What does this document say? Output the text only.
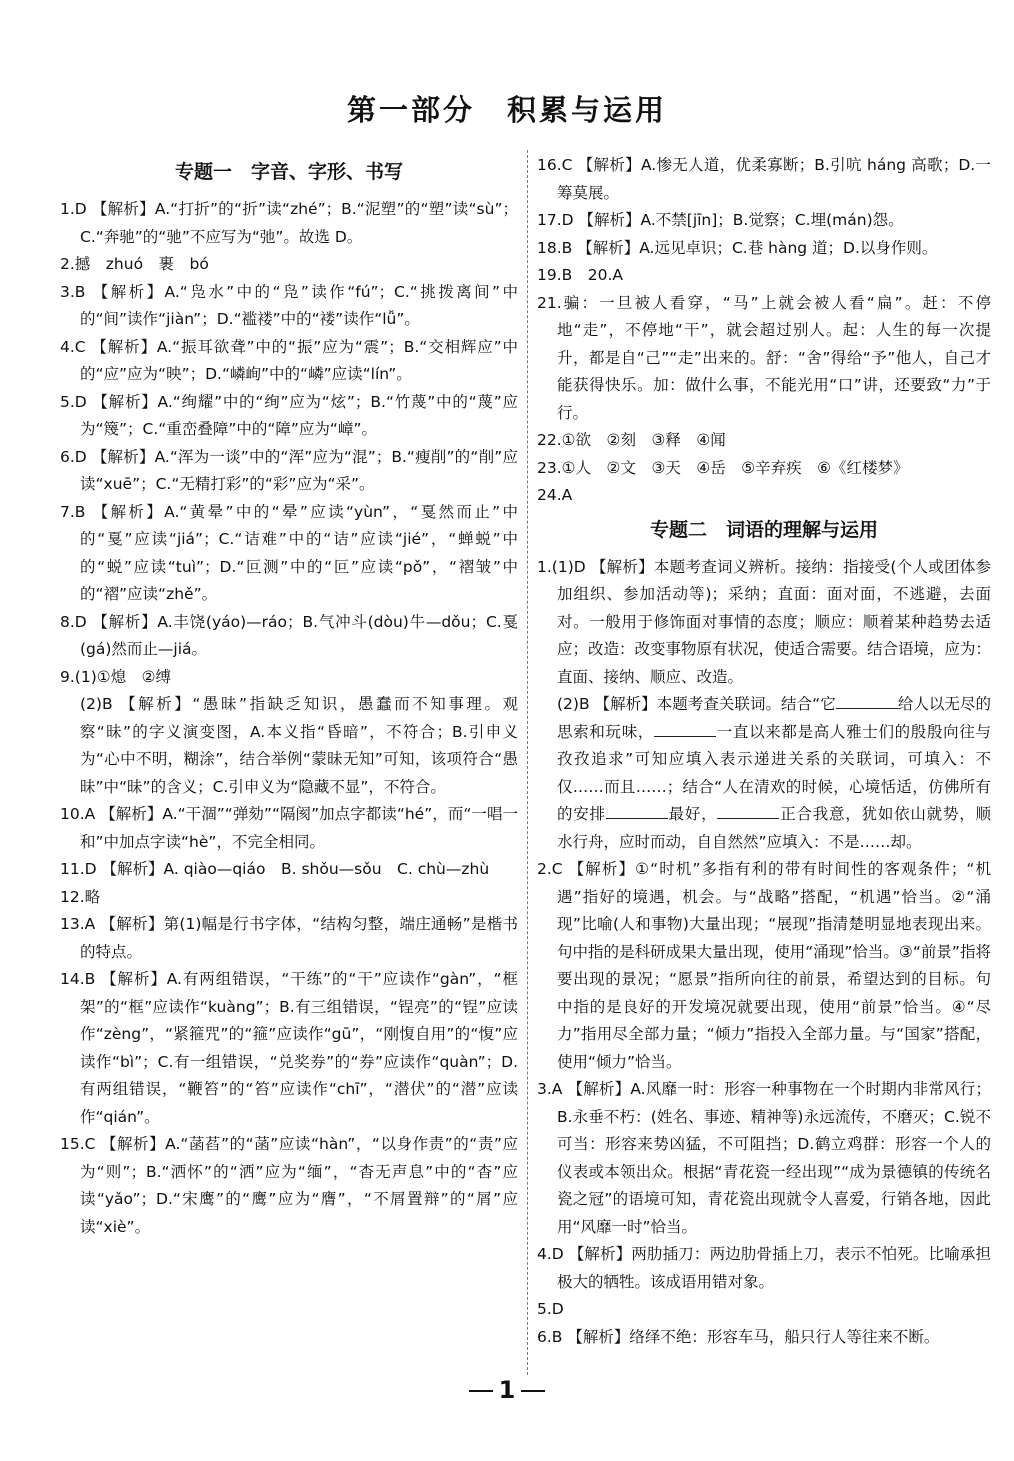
第一部分　积累与运用
专题一　字音、字形、书写

1.D 【解析】A.“打折”的“折”读“zhé”；B.“泥塑”的“塑”读“sù”；C.“奔驰”的“驰”不应写为“弛”。故选 D。

2.撼　zhuó　裹　bó

3.B 【解析】A.“凫水”中的“凫”读作“fú”；C.“挑拨离间”中的“间”读作“jiàn”；D.“褴褛”中的“褛”读作“lǚ”。

4.C 【解析】A.“振耳欲聋”中的“振”应为“震”；B.“交相辉应”中的“应”应为“映”；D.“嶙峋”中的“嶙”应读“lín”。

5.D 【解析】A.“绚耀”中的“绚”应为“炫”；B.“竹蔑”中的“蔑”应为“篾”；C.“重峦叠障”中的“障”应为“嶂”。

6.D 【解析】A.“浑为一谈”中的“浑”应为“混”；B.“瘦削”的“削”应读“xuē”；C.“无精打彩”的“彩”应为“采”。

7.B 【解析】A.“黄晕”中的“晕”应读“yùn”，“戛然而止”中的“戛”应读“jiá”；C.“诘难”中的“诘”应读“jié”，“蝉蜕”中的“蜕”应读“tuì”；D.“叵测”中的“叵”应读“pǒ”，“褶皱”中的“褶”应读“zhě”。

8.D 【解析】A.丰饶(yáo)—ráo；B.气冲斗(dòu)牛—dǒu；C.戛(gá)然而止—jiá。

9.(1)①熄　②缚

(2)B 【解析】“愚昧”指缺乏知识，愚蠢而不知事理。观察“昧”的字义演变图，A.本义指“昏暗”，不符合；B.引申义为“心中不明，糊涂”，结合举例“蒙昧无知”可知，该项符合“愚昧”中“昧”的含义；C.引申义为“隐藏不显”，不符合。

10.A 【解析】A.“干涸”“弹劾”“隔阂”加点字都读“hé”，而“一唱一和”中加点字读“hè”，不完全相同。

11.D 【解析】A. qiào—qiáo　B. shǒu—sǒu　C. chù—zhù

12.略

13.A 【解析】第(1)幅是行书字体，“结构匀整，端庄通畅”是楷书的特点。

14.B 【解析】A.有两组错误，“干练”的“干”应读作“gàn”，“框架”的“框”应读作“kuàng”；B.有三组错误，“锃亮”的“锃”应读作“zèng”，“紧箍咒”的“箍”应读作“gū”，“刚愎自用”的“愎”应读作“bì”；C.有一组错误，“兑奖券”的“券”应读作“quàn”；D.有两组错误，“鞭笞”的“笞”应读作“chī”，“潜伏”的“潜”应读作“qián”。

15.C 【解析】A.“菡萏”的“菡”应读“hàn”，“以身作责”的“责”应为“则”；B.“洒怀”的“洒”应为“缅”，“杳无声息”中的“杳”应读“yǎo”；D.“宋鹰”的“鹰”应为“膺”，“不屑置辩”的“屑”应读“xiè”。

16.C 【解析】A.惨无人道，优柔寡断；B.引吭 háng 高歌；D.一筹莫展。

17.D 【解析】A.不禁[jīn]；B.觉察；C.埋(mán)怨。

18.B 【解析】A.远见卓识；C.巷 hàng 道；D.以身作则。

19.B　20.A

21.骗：一旦被人看穿，“马”上就会被人看“扁”。赶：不停地“走”，不停地“干”，就会超过别人。起：人生的每一次提升，都是自“己”“走”出来的。舒：“舍”得给“予”他人，自己才能获得快乐。加：做什么事，不能光用“口”讲，还要致“力”于行。

22.①欲　②刻　③释　④闻

23.①人　②文　③天　④岳　⑤辛弃疾　⑥《红楼梦》

24.A

专题二　词语的理解与运用

1.(1)D 【解析】本题考查词义辨析。接纳：指接受(个人或团体参加组织、参加活动等)；采纳；直面：面对面，不逃避，去面对。一般用于修饰面对事情的态度；顺应：顺着某种趋势去适应；改造：改变事物原有状况，使适合需要。结合语境，应为：直面、接纳、顺应、改造。

(2)B 【解析】本题考查关联词。结合“它	给人以无尽的思索和玩味，	一直以来都是高人雅士们的殷殷向往与孜孜追求”可知应填入表示递进关系的关联词，可填入：不仅……而且……；结合“人在清欢的时候，心境恬适，仿佛所有的安排	最好，	正合我意，犹如依山就势，顺水行舟，应时而动，自自然然”应填入：不是……却。

2.C 【解析】①“时机”多指有利的带有时间性的客观条件；“机遇”指好的境遇，机会。与“战略”搭配，“机遇”恰当。②“涌现”比喻(人和事物)大量出现；“展现”指清楚明显地表现出来。句中指的是科研成果大量出现，使用“涌现”恰当。③“前景”指将要出现的景况；“愿景”指所向往的前景，希望达到的目标。句中指的是良好的开发境况就要出现，使用“前景”恰当。④“尽力”指用尽全部力量；“倾力”指投入全部力量。与“国家”搭配，使用“倾力”恰当。

3.A 【解析】A.风靡一时：形容一种事物在一个时期内非常风行；B.永垂不朽：(姓名、事迹、精神等)永远流传，不磨灭；C.锐不可当：形容来势凶猛，不可阻挡；D.鹤立鸡群：形容一个人的仪表或本领出众。根据“青花瓷一经出现”“成为景德镇的传统名瓷之冠”的语境可知，青花瓷出现就令人喜爱，行销各地，因此用“风靡一时”恰当。

4.D 【解析】两肋插刀：两边肋骨插上刀，表示不怕死。比喻承担极大的牺牲。该成语用错对象。

5.D

6.B 【解析】络绎不绝：形容车马，船只行人等往来不断。

1
